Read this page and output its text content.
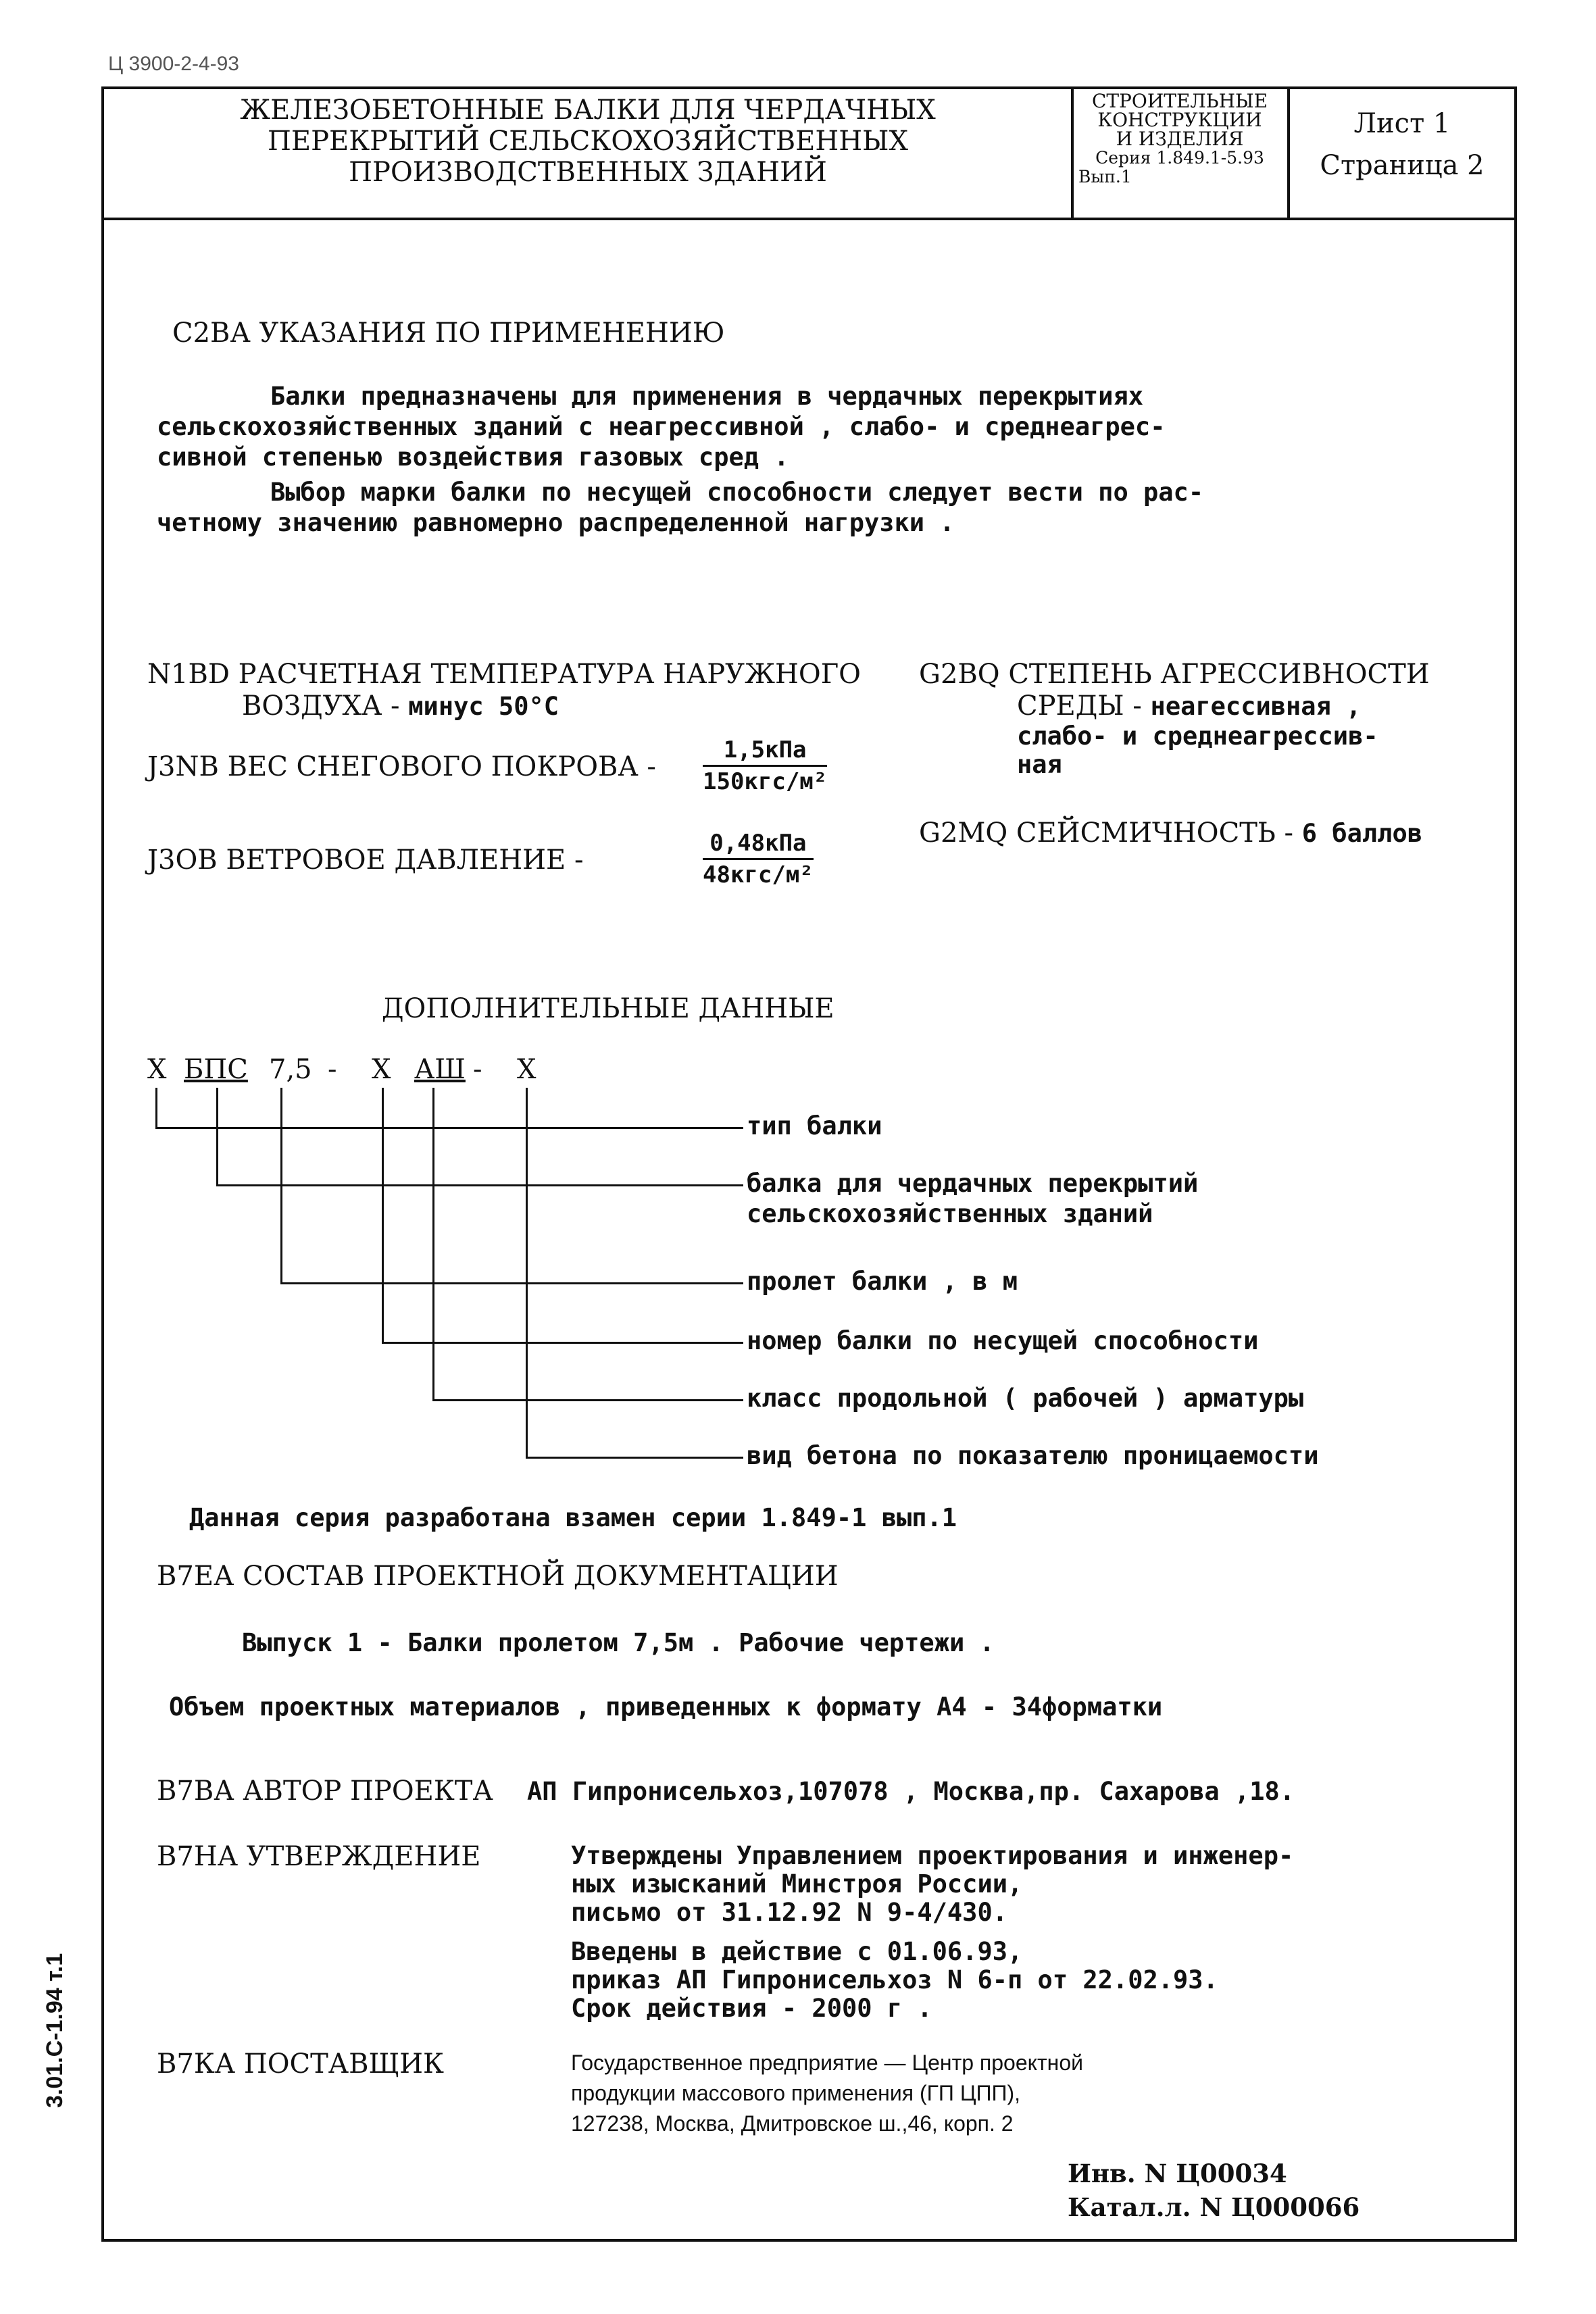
Ц 3900-2-4-93
3.01.С-1.94 т.1
ЖЕЛЕЗОБЕТОННЫЕ БАЛКИ ДЛЯ ЧЕРДАЧНЫХ
ПЕРЕКРЫТИЙ СЕЛЬСКОХОЗЯЙСТВЕННЫХ
ПРОИЗВОДСТВЕННЫХ ЗДАНИЙ
СТРОИТЕЛЬНЫЕ
КОНСТРУКЦИИ
И ИЗДЕЛИЯ
Серия 1.849.1-5.93
Вып.1
Лист 1
Страница 2
С2ВА УКАЗАНИЯ ПО ПРИМЕНЕНИЮ
Балки предназначены для применения в чердачных перекрытиях
сельскохозяйственных зданий с неагрессивной , слабо- и среднеагрес-
сивной степенью воздействия газовых сред .
Выбор марки балки по несущей способности следует вести по рас-
четному значению равномерно распределенной нагрузки .
N1BD РАСЧЕТНАЯ ТЕМПЕРАТУРА НАРУЖНОГО
ВОЗДУХА - минус 50°С
J3NB ВЕС СНЕГОВОГО ПОКРОВА -
1,5кПа
150кгс/м²
J3OB ВЕТРОВОЕ ДАВЛЕНИЕ -
0,48кПа
48кгс/м²
G2BQ СТЕПЕНЬ АГРЕССИВНОСТИ
СРЕДЫ - неагессивная ,
слабо- и среднеагрессив-
ная
G2MQ СЕЙСМИЧНОСТЬ - 6 баллов
ДОПОЛНИТЕЛЬНЫЕ ДАННЫЕ
Х БПС 7,5 - Х АШ - Х
тип балки
балка для чердачных перекрытий
сельскохозяйственных зданий
пролет балки , в м
номер балки по несущей способности
класс продольной ( рабочей ) арматуры
вид бетона по показателю проницаемости
Данная серия разработана взамен серии 1.849-1 вып.1
В7ЕА СОСТАВ ПРОЕКТНОЙ ДОКУМЕНТАЦИИ
Выпуск 1 - Балки пролетом 7,5м . Рабочие чертежи .
Объем проектных материалов , приведенных к формату А4 - 34форматки
В7ВА АВТОР ПРОЕКТА АП Гипронисельхоз,107078 , Москва,пр. Сахарова ,18.
В7НА УТВЕРЖДЕНИЕ	Утверждены Управлением проектирования и инженер-
ных изысканий Минстроя России,
письмо от 31.12.92 N 9-4/430.
Введены в действие с 01.06.93,
приказ АП Гипронисельхоз N 6-п от 22.02.93.
Срок действия - 2000 г .
В7КА ПОСТАВЩИК	Государственное предприятие — Центр проектной
продукции массового применения (ГП ЦПП),
127238, Москва, Дмитровское ш.,46, корп. 2
Инв. N Ц00034
Катал.л. N Ц000066
